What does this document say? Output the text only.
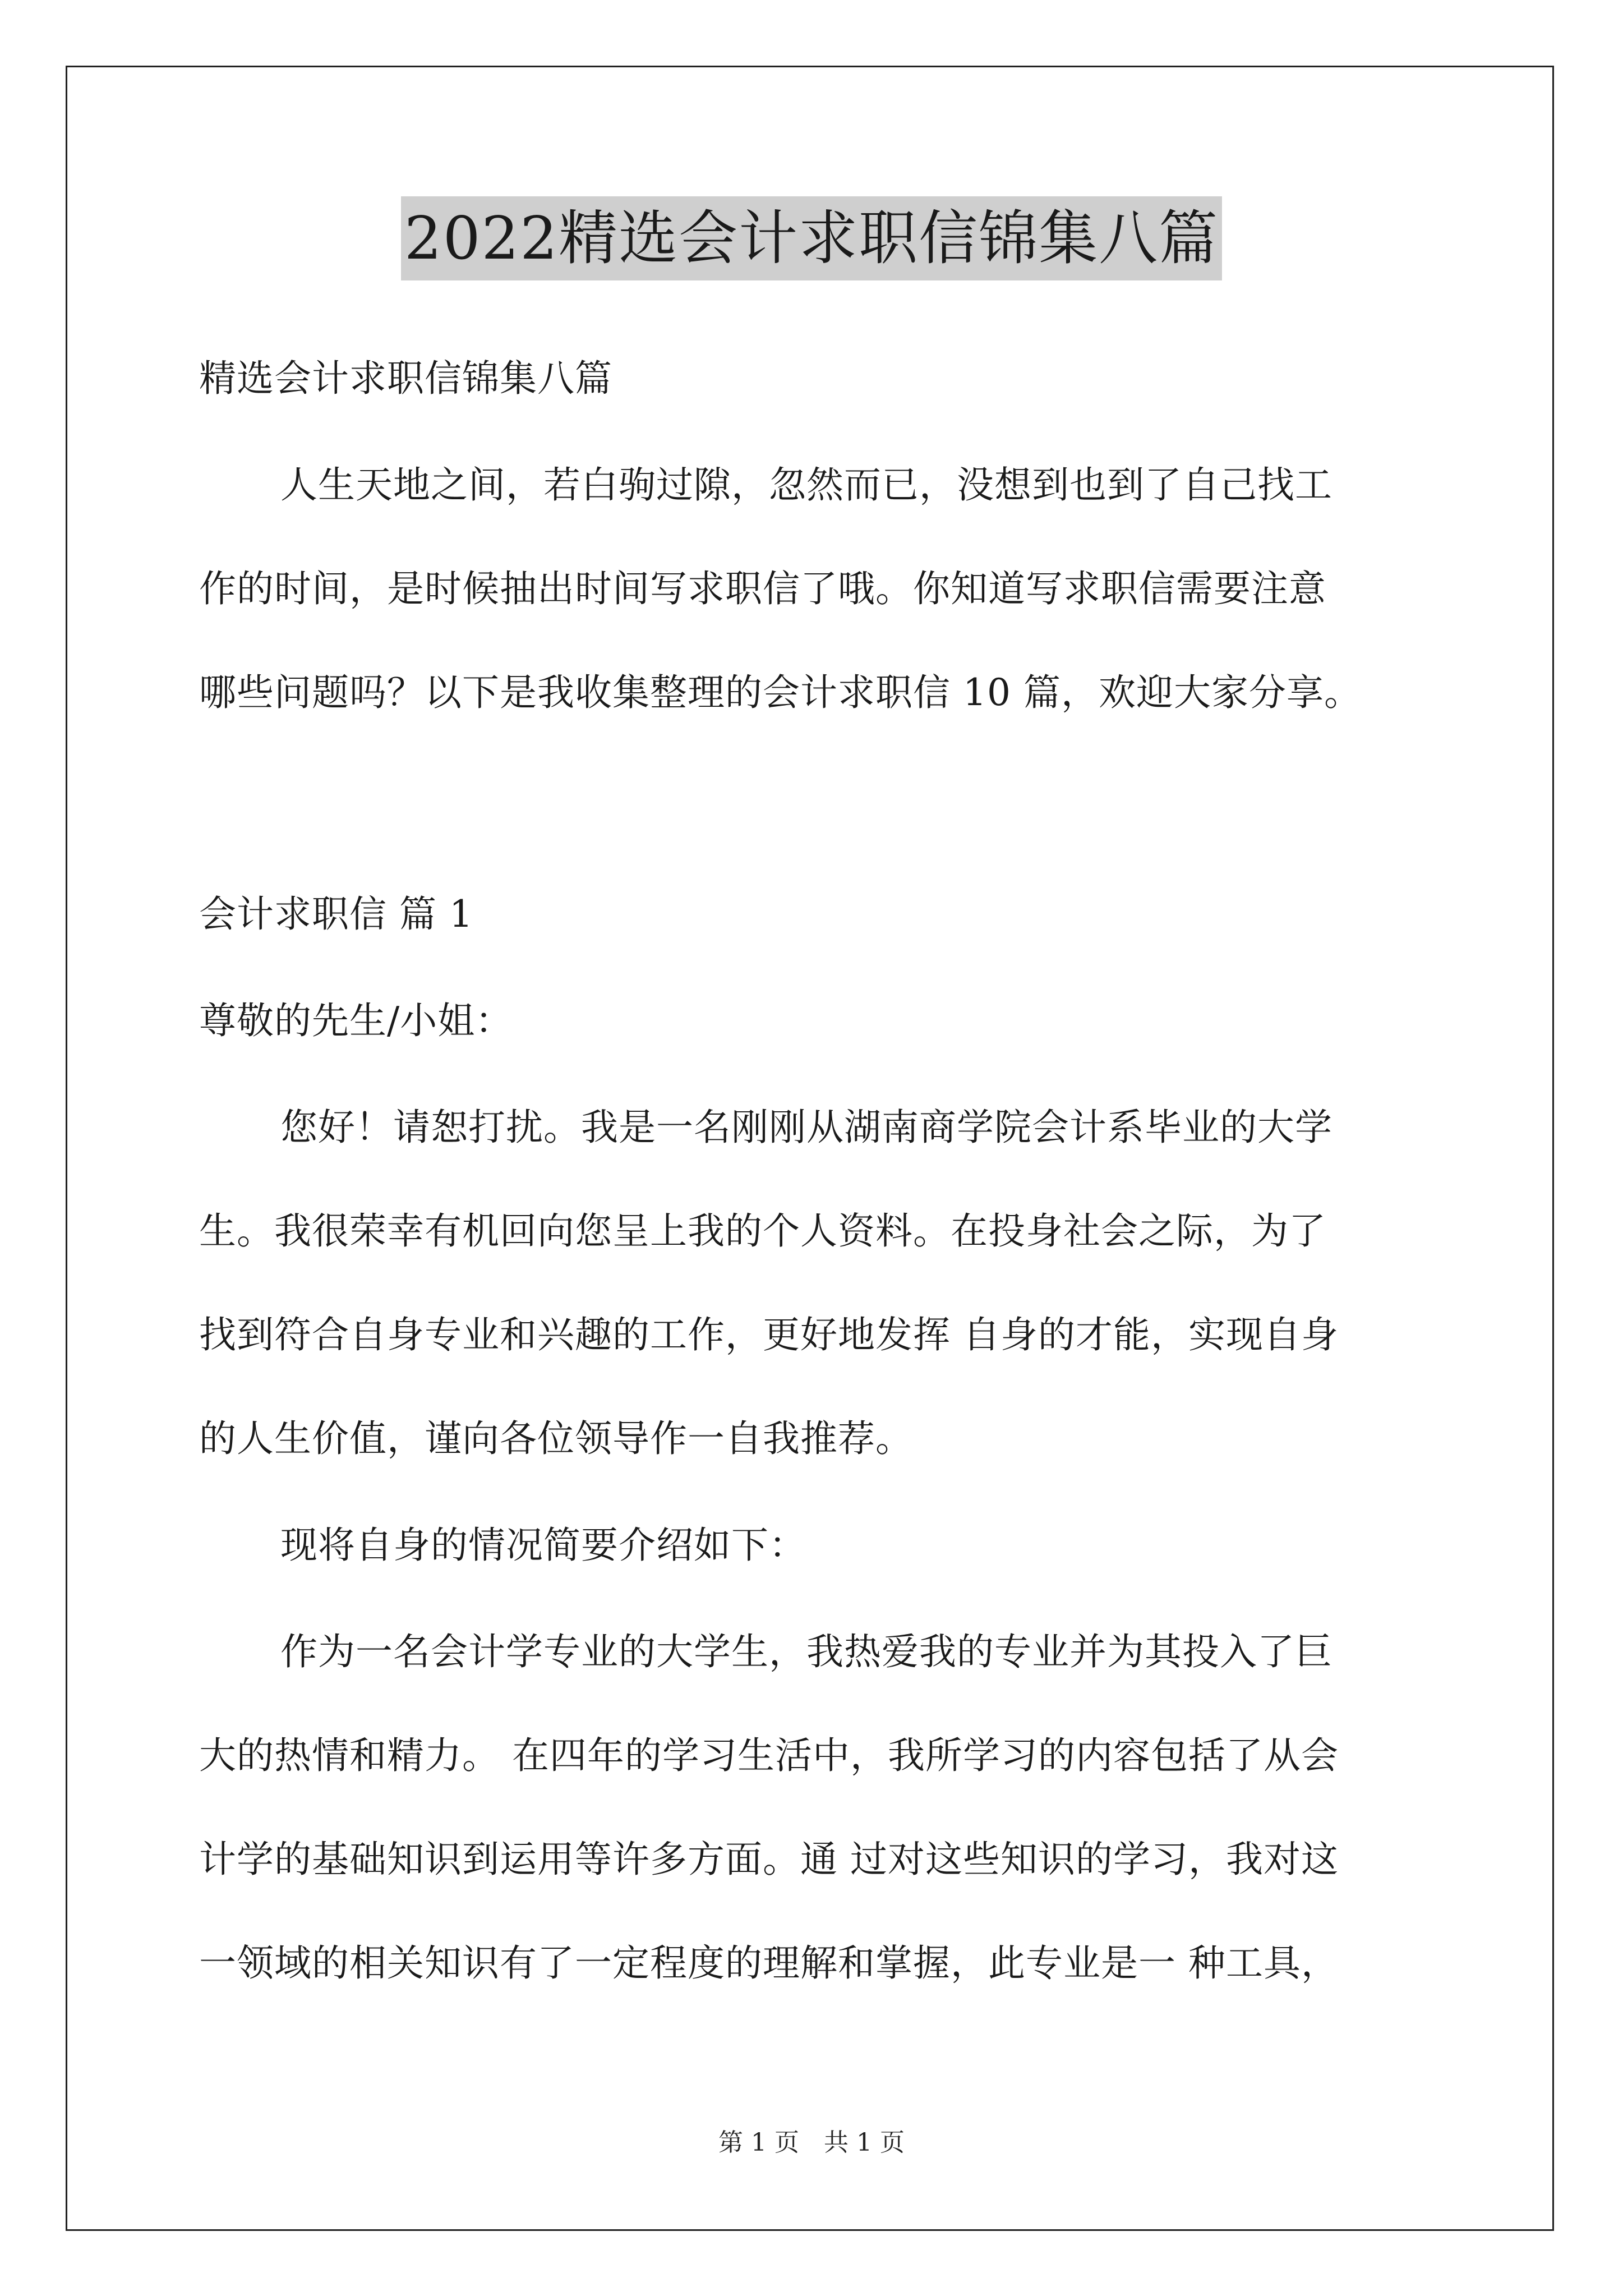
2022精选会计求职信锦集八篇
精选会计求职信锦集八篇
人生天地之间，若白驹过隙，忽然而已，没想到也到了自己找工
作的时间，是时候抽出时间写求职信了哦。你知道写求职信需要注意
哪些问题吗？以下是我收集整理的会计求职信 10 篇，欢迎大家分享。
会计求职信 篇 1
尊敬的先生/小姐：
您好！请恕打扰。我是一名刚刚从湖南商学院会计系毕业的大学
生。我很荣幸有机回向您呈上我的个人资料。在投身社会之际，为了
找到符合自身专业和兴趣的工作，更好地发挥 自身的才能，实现自身
的人生价值，谨向各位领导作一自我推荐。
现将自身的情况简要介绍如下：
作为一名会计学专业的大学生，我热爱我的专业并为其投入了巨
大的热情和精力。 在四年的学习生活中，我所学习的内容包括了从会
计学的基础知识到运用等许多方面。通 过对这些知识的学习，我对这
一领域的相关知识有了一定程度的理解和掌握，此专业是一 种工具，
第 1 页　共 1 页
